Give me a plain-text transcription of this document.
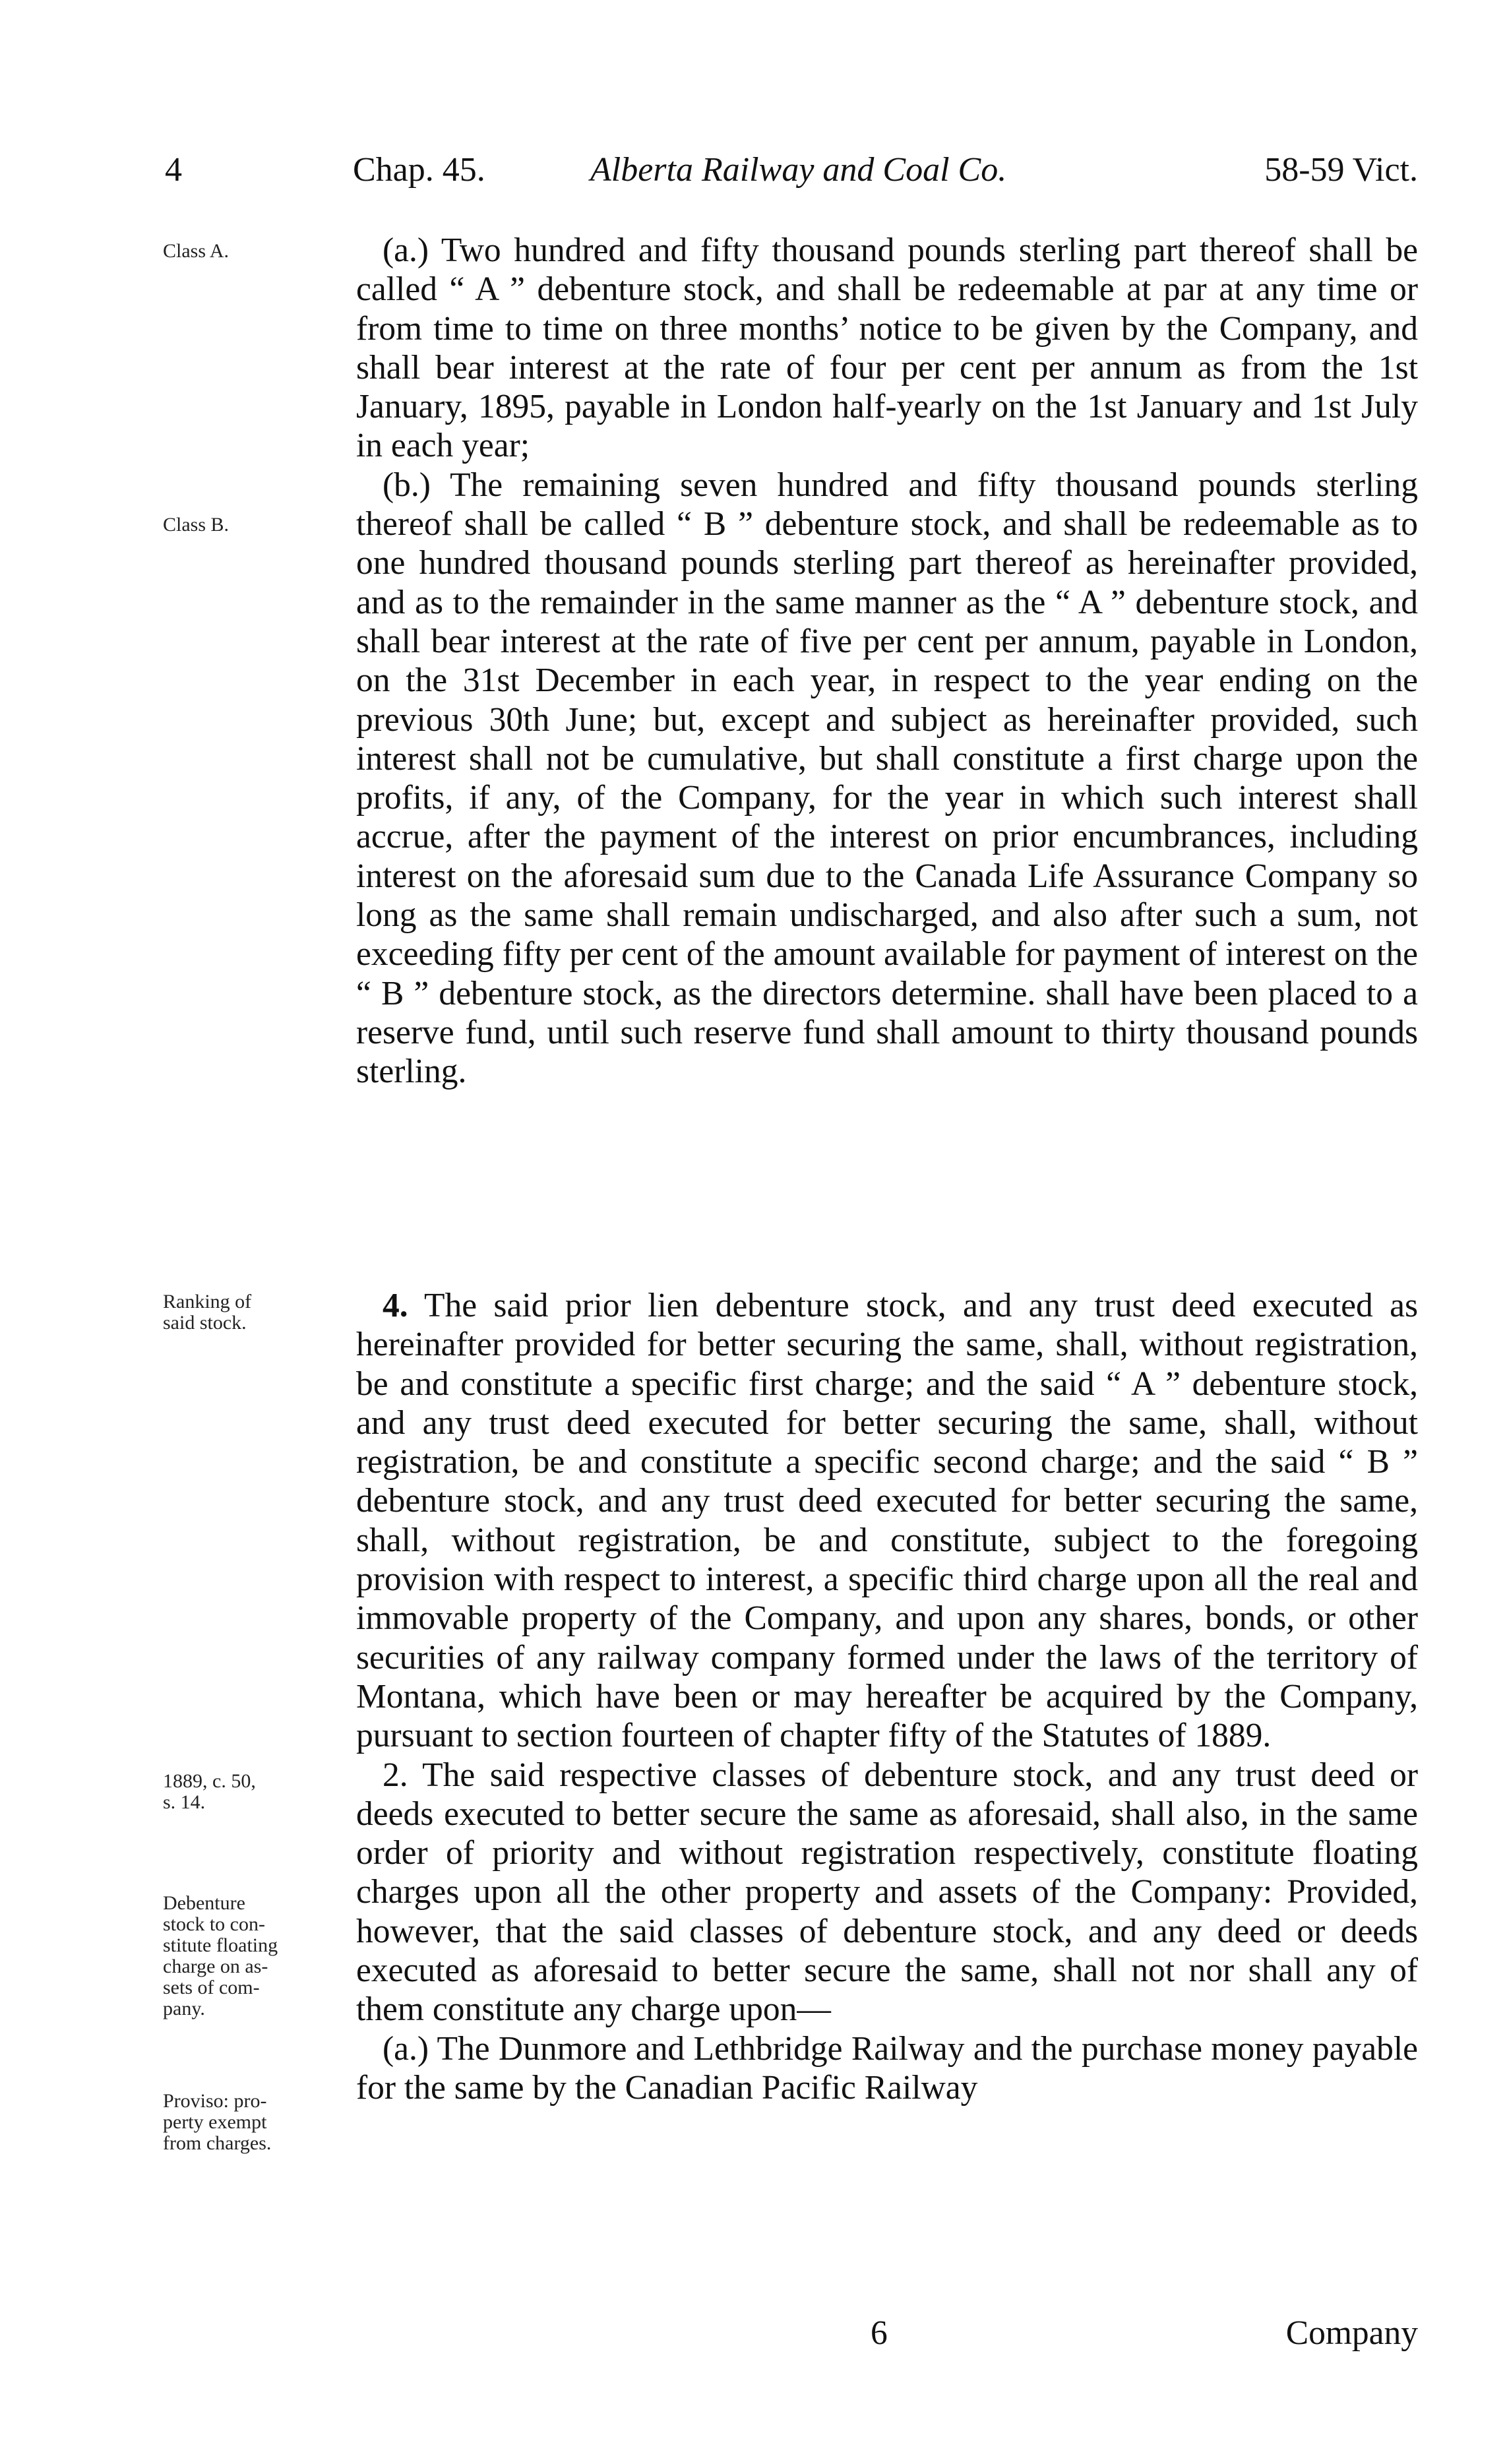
4	Chap. 45.	Alberta Railway and Coal Co.	58-59 Vict.
Class A.
Class B.
Ranking of
said stock.
1889, c. 50,
s. 14.
Debenture
stock to con-
stitute floating
charge on as-
sets of com-
pany.
Proviso: pro-
perty exempt
from charges.

(a.) Two hundred and fifty thousand pounds sterling part thereof shall be called “ A ” debenture stock, and shall be redeemable at par at any time or from time to time on three months’ notice to be given by the Company, and shall bear interest at the rate of four per cent per annum as from the 1st January, 1895, payable in London half-yearly on the 1st January and 1st July in each year;

(b.) The remaining seven hundred and fifty thousand pounds sterling thereof shall be called “ B ” debenture stock, and shall be redeemable as to one hundred thousand pounds sterling part thereof as hereinafter provided, and as to the remainder in the same manner as the “ A ” debenture stock, and shall bear interest at the rate of five per cent per annum, payable in London, on the 31st December in each year, in respect to the year ending on the previous 30th June; but, except and subject as hereinafter provided, such interest shall not be cumulative, but shall constitute a first charge upon the profits, if any, of the Company, for the year in which such interest shall accrue, after the payment of the interest on prior encumbrances, including interest on the aforesaid sum due to the Canada Life Assurance Company so long as the same shall remain undischarged, and also after such a sum, not exceeding fifty per cent of the amount available for payment of interest on the “ B ” debenture stock, as the directors determine. shall have been placed to a reserve fund, until such reserve fund shall amount to thirty thousand pounds sterling.

4. The said prior lien debenture stock, and any trust deed executed as hereinafter provided for better securing the same, shall, without registration, be and constitute a specific first charge; and the said “ A ” debenture stock, and any trust deed executed for better securing the same, shall, without registration, be and constitute a specific second charge; and the said “ B ” debenture stock, and any trust deed executed for better securing the same, shall, without registration, be and constitute, subject to the foregoing provision with respect to interest, a specific third charge upon all the real and immovable property of the Company, and upon any shares, bonds, or other securities of any railway company formed under the laws of the territory of Montana, which have been or may hereafter be acquired by the Company, pursuant to section fourteen of chapter fifty of the Statutes of 1889.

2. The said respective classes of debenture stock, and any trust deed or deeds executed to better secure the same as aforesaid, shall also, in the same order of priority and without registration respectively, constitute floating charges upon all the other property and assets of the Company: Provided, however, that the said classes of debenture stock, and any deed or deeds executed as aforesaid to better secure the same, shall not nor shall any of them constitute any charge upon—

(a.) The Dunmore and Lethbridge Railway and the purchase money payable for the same by the Canadian Pacific Railway

6	Company
